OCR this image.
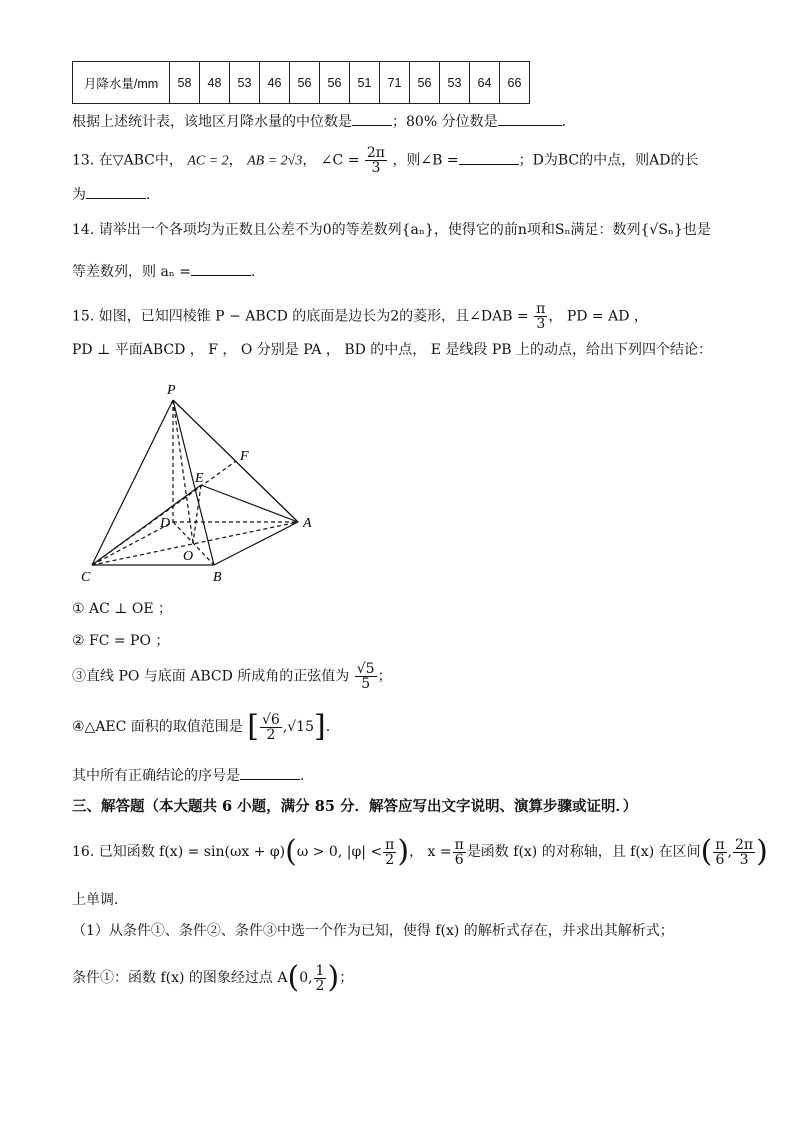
月降水量/mm	58	48	53	46	56	56	51	71	56	53	64	66
根据上述统计表，该地区月降水量的中位数是	；80% 分位数是	.
13. 在▽ABC中， AC = 2， AB = 2√3， ∠C = $\frac{2\pi}{3}$ ，则∠B =	；D为BC的中点，则AD的长
为	.
14. 请举出一个各项均为正数且公差不为0的等差数列{aₙ}，使得它的前n项和Sₙ满足：数列{√Sₙ}也是
等差数列，则 aₙ =	.
15. 如图，已知四棱锥 P − ABCD 的底面是边长为2的菱形，且∠DAB = $\frac{\pi}{3}$ ， PD = AD ，
PD ⊥ 平面ABCD ， F ， O 分别是 PA ， BD 的中点， E 是线段 PB 上的动点，给出下列四个结论：
P
F
E
D	A
O
C	B
① AC ⊥ OE ；
② FC = PO ；
③直线 PO 与底面 ABCD 所成角的正弦值为 $\frac{√5}{5}$ ；
④△AEC 面积的取值范围是 [ $\frac{√6}{2} ,√15$].
其中所有正确结论的序号是	.
三、解答题（本大题共 6 小题，满分 85 分．解答应写出文字说明、演算步骤或证明．）
16. 已知函数 f(x) = sin(ωx + φ)(ω > 0, $|\varphi| < \frac{\pi}{2}$ )， $x = \frac{\pi}{6}$ 是函数 f(x) 的对称轴，且 f(x) 在区间( $\frac{\pi}{6}$ , $\frac{2\pi}{3}$ )
上单调．
（1）从条件①、条件②、条件③中选一个作为已知，使得 f(x) 的解析式存在，并求出其解析式；
条件①：函数 f(x) 的图象经过点 A(0, $\frac{1}{2}$ )；
